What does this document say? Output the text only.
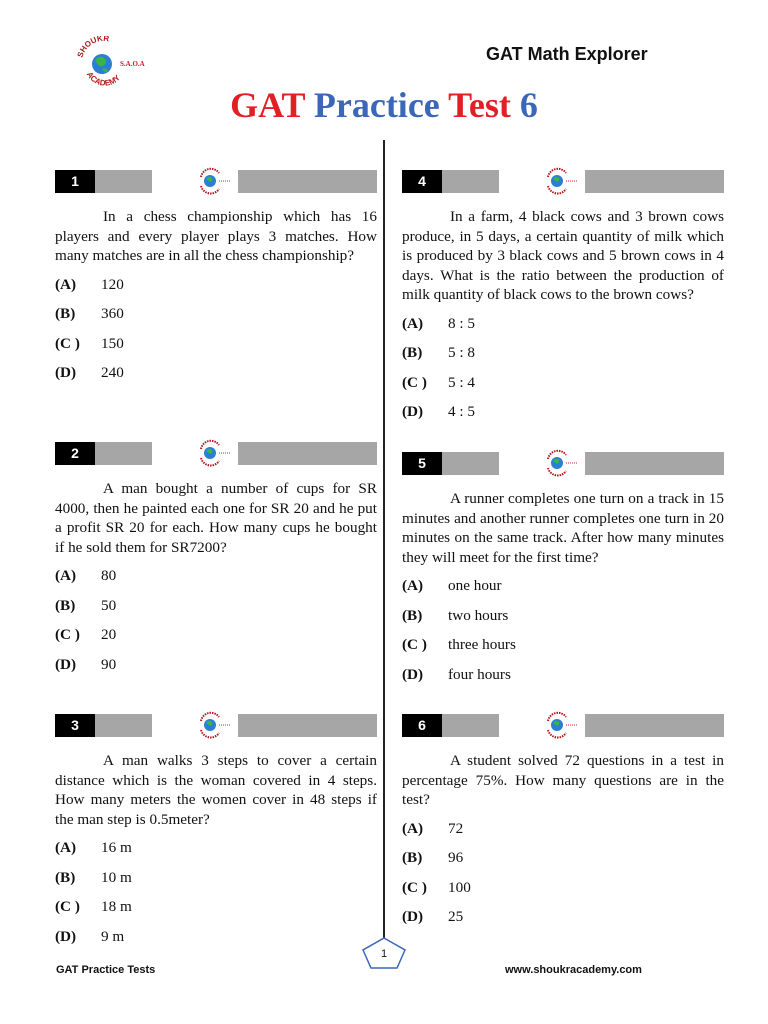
SHOUKR
ACADEMY
S.A.O.A	GAT Math Explorer
GAT Practice Test 6
1
In a chess championship which has 16 players and every player plays 3 matches. How many matches are in all the chess championship?
(A) 120
(B) 360
(C ) 150
(D) 240
2
A man bought a number of cups for SR 4000, then he painted each one for SR 20 and he put a profit SR 20 for each. How many cups he bought if he sold them for SR7200?
(A) 80
(B) 50
(C ) 20
(D) 90
3
A man walks 3 steps to cover a certain distance which is the woman covered in 4 steps. How many meters the women cover in 48 steps if the man step is 0.5meter?
(A) 16 m
(B) 10 m
(C ) 18 m
(D) 9 m
4
In a farm, 4 black cows and 3 brown cows produce, in 5 days, a certain quantity of milk which is produced by 3 black cows and 5 brown cows in 4 days. What is the ratio between the production of milk quantity of black cows to the brown cows?
(A) 8 : 5
(B) 5 : 8
(C ) 5 : 4
(D) 4 : 5
5
A runner completes one turn on a track in 15 minutes and another runner completes one turn in 20 minutes on the same track. After how many minutes they will meet for the first time?
(A) one hour
(B) two hours
(C ) three hours
(D) four hours
6
A student solved 72 questions in a test in percentage 75%. How many questions are in the test?
(A) 72
(B) 96
(C ) 100
(D) 25
GAT Practice Tests
1
www.shoukracademy.com
